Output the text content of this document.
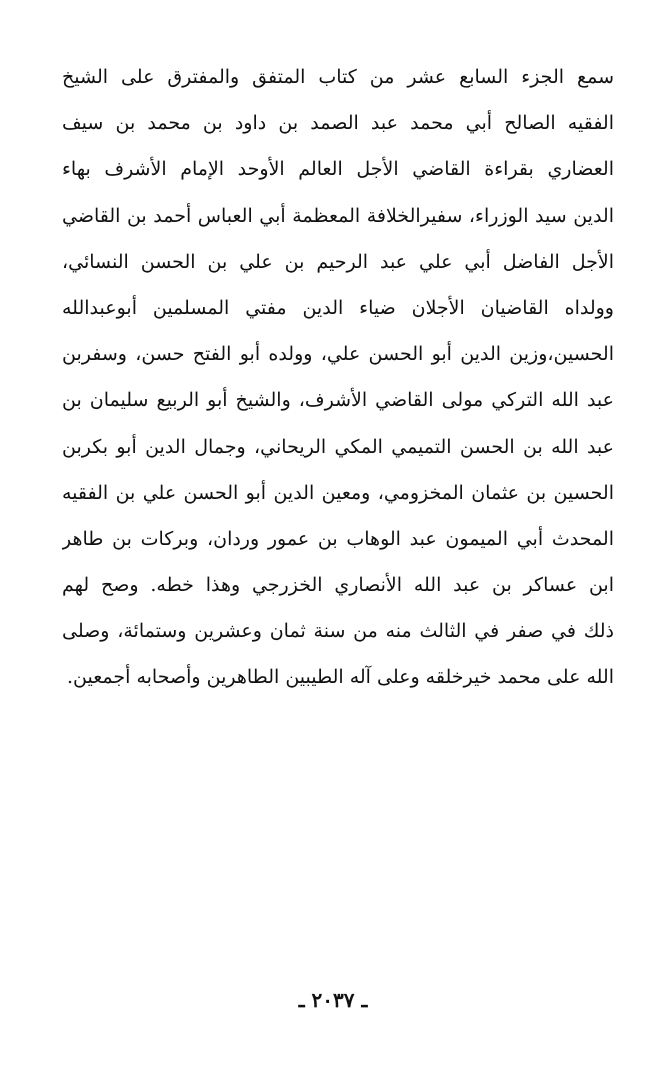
سمع الجزء السابع عشر من كتاب المتفق والمفترق على الشيخ
الفقيه الصالح أبي محمد عبد الصمد بن داود بن محمد بن سيف
العضاري بقراءة القاضي الأجل العالم الأوحد الإمام الأشرف بهاء
الدين سيد الوزراء، سفيرالخلافة المعظمة أبي العباس أحمد بن القاضي
الأجل الفاضل أبي علي عبد الرحيم بن علي بن الحسن النسائي،
وولداه القاضيان الأجلان ضياء الدين مفتي المسلمين أبوعبدالله
الحسين،وزين الدين أبو الحسن علي، وولده أبو الفتح حسن، وسفربن
عبد الله التركي مولى القاضي الأشرف، والشيخ أبو الربيع سليمان بن
عبد الله بن الحسن التميمي المكي الريحاني، وجمال الدين أبو بكربن
الحسين بن عثمان المخزومي، ومعين الدين أبو الحسن علي بن الفقيه
المحدث أبي الميمون عبد الوهاب بن عمور وردان، وبركات بن طاهر
ابن عساكر بن عبد الله الأنصاري الخزرجي وهذا خطه. وصح لهم
ذلك في صفر في الثالث منه من سنة ثمان وعشرين وستمائة، وصلى
الله على محمد خيرخلقه وعلى آله الطيبين الطاهرين وأصحابه أجمعين.
ـ ٢٠٣٧ ـ
